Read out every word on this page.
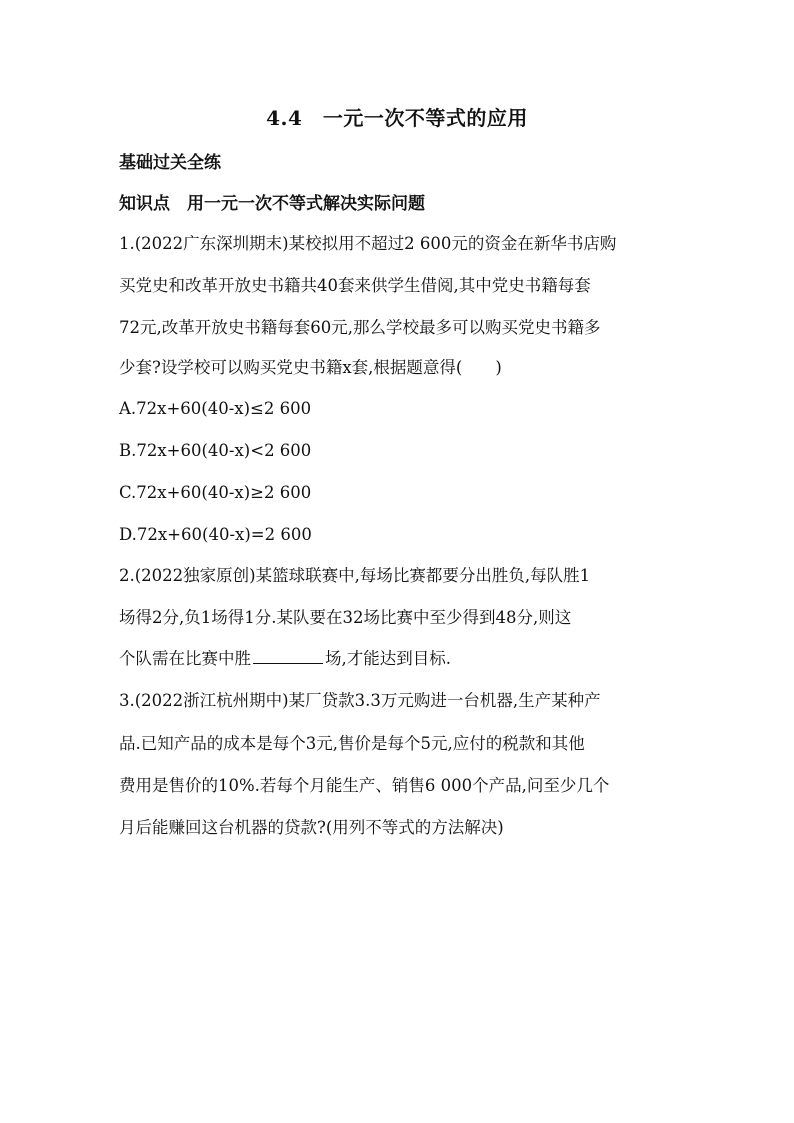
4.4　一元一次不等式的应用
基础过关全练
知识点　用一元一次不等式解决实际问题
1.(2022广东深圳期末)某校拟用不超过2 600元的资金在新华书店购
买党史和改革开放史书籍共40套来供学生借阅,其中党史书籍每套
72元,改革开放史书籍每套60元,那么学校最多可以购买党史书籍多
少套?设学校可以购买党史书籍x套,根据题意得(　　)
A.72x+60(40-x)≤2 600
B.72x+60(40-x)<2 600
C.72x+60(40-x)≥2 600
D.72x+60(40-x)=2 600
2.(2022独家原创)某篮球联赛中,每场比赛都要分出胜负,每队胜1
场得2分,负1场得1分.某队要在32场比赛中至少得到48分,则这
个队需在比赛中胜	场,才能达到目标.
3.(2022浙江杭州期中)某厂贷款3.3万元购进一台机器,生产某种产
品.已知产品的成本是每个3元,售价是每个5元,应付的税款和其他
费用是售价的10%.若每个月能生产、销售6 000个产品,问至少几个
月后能赚回这台机器的贷款?(用列不等式的方法解决)
